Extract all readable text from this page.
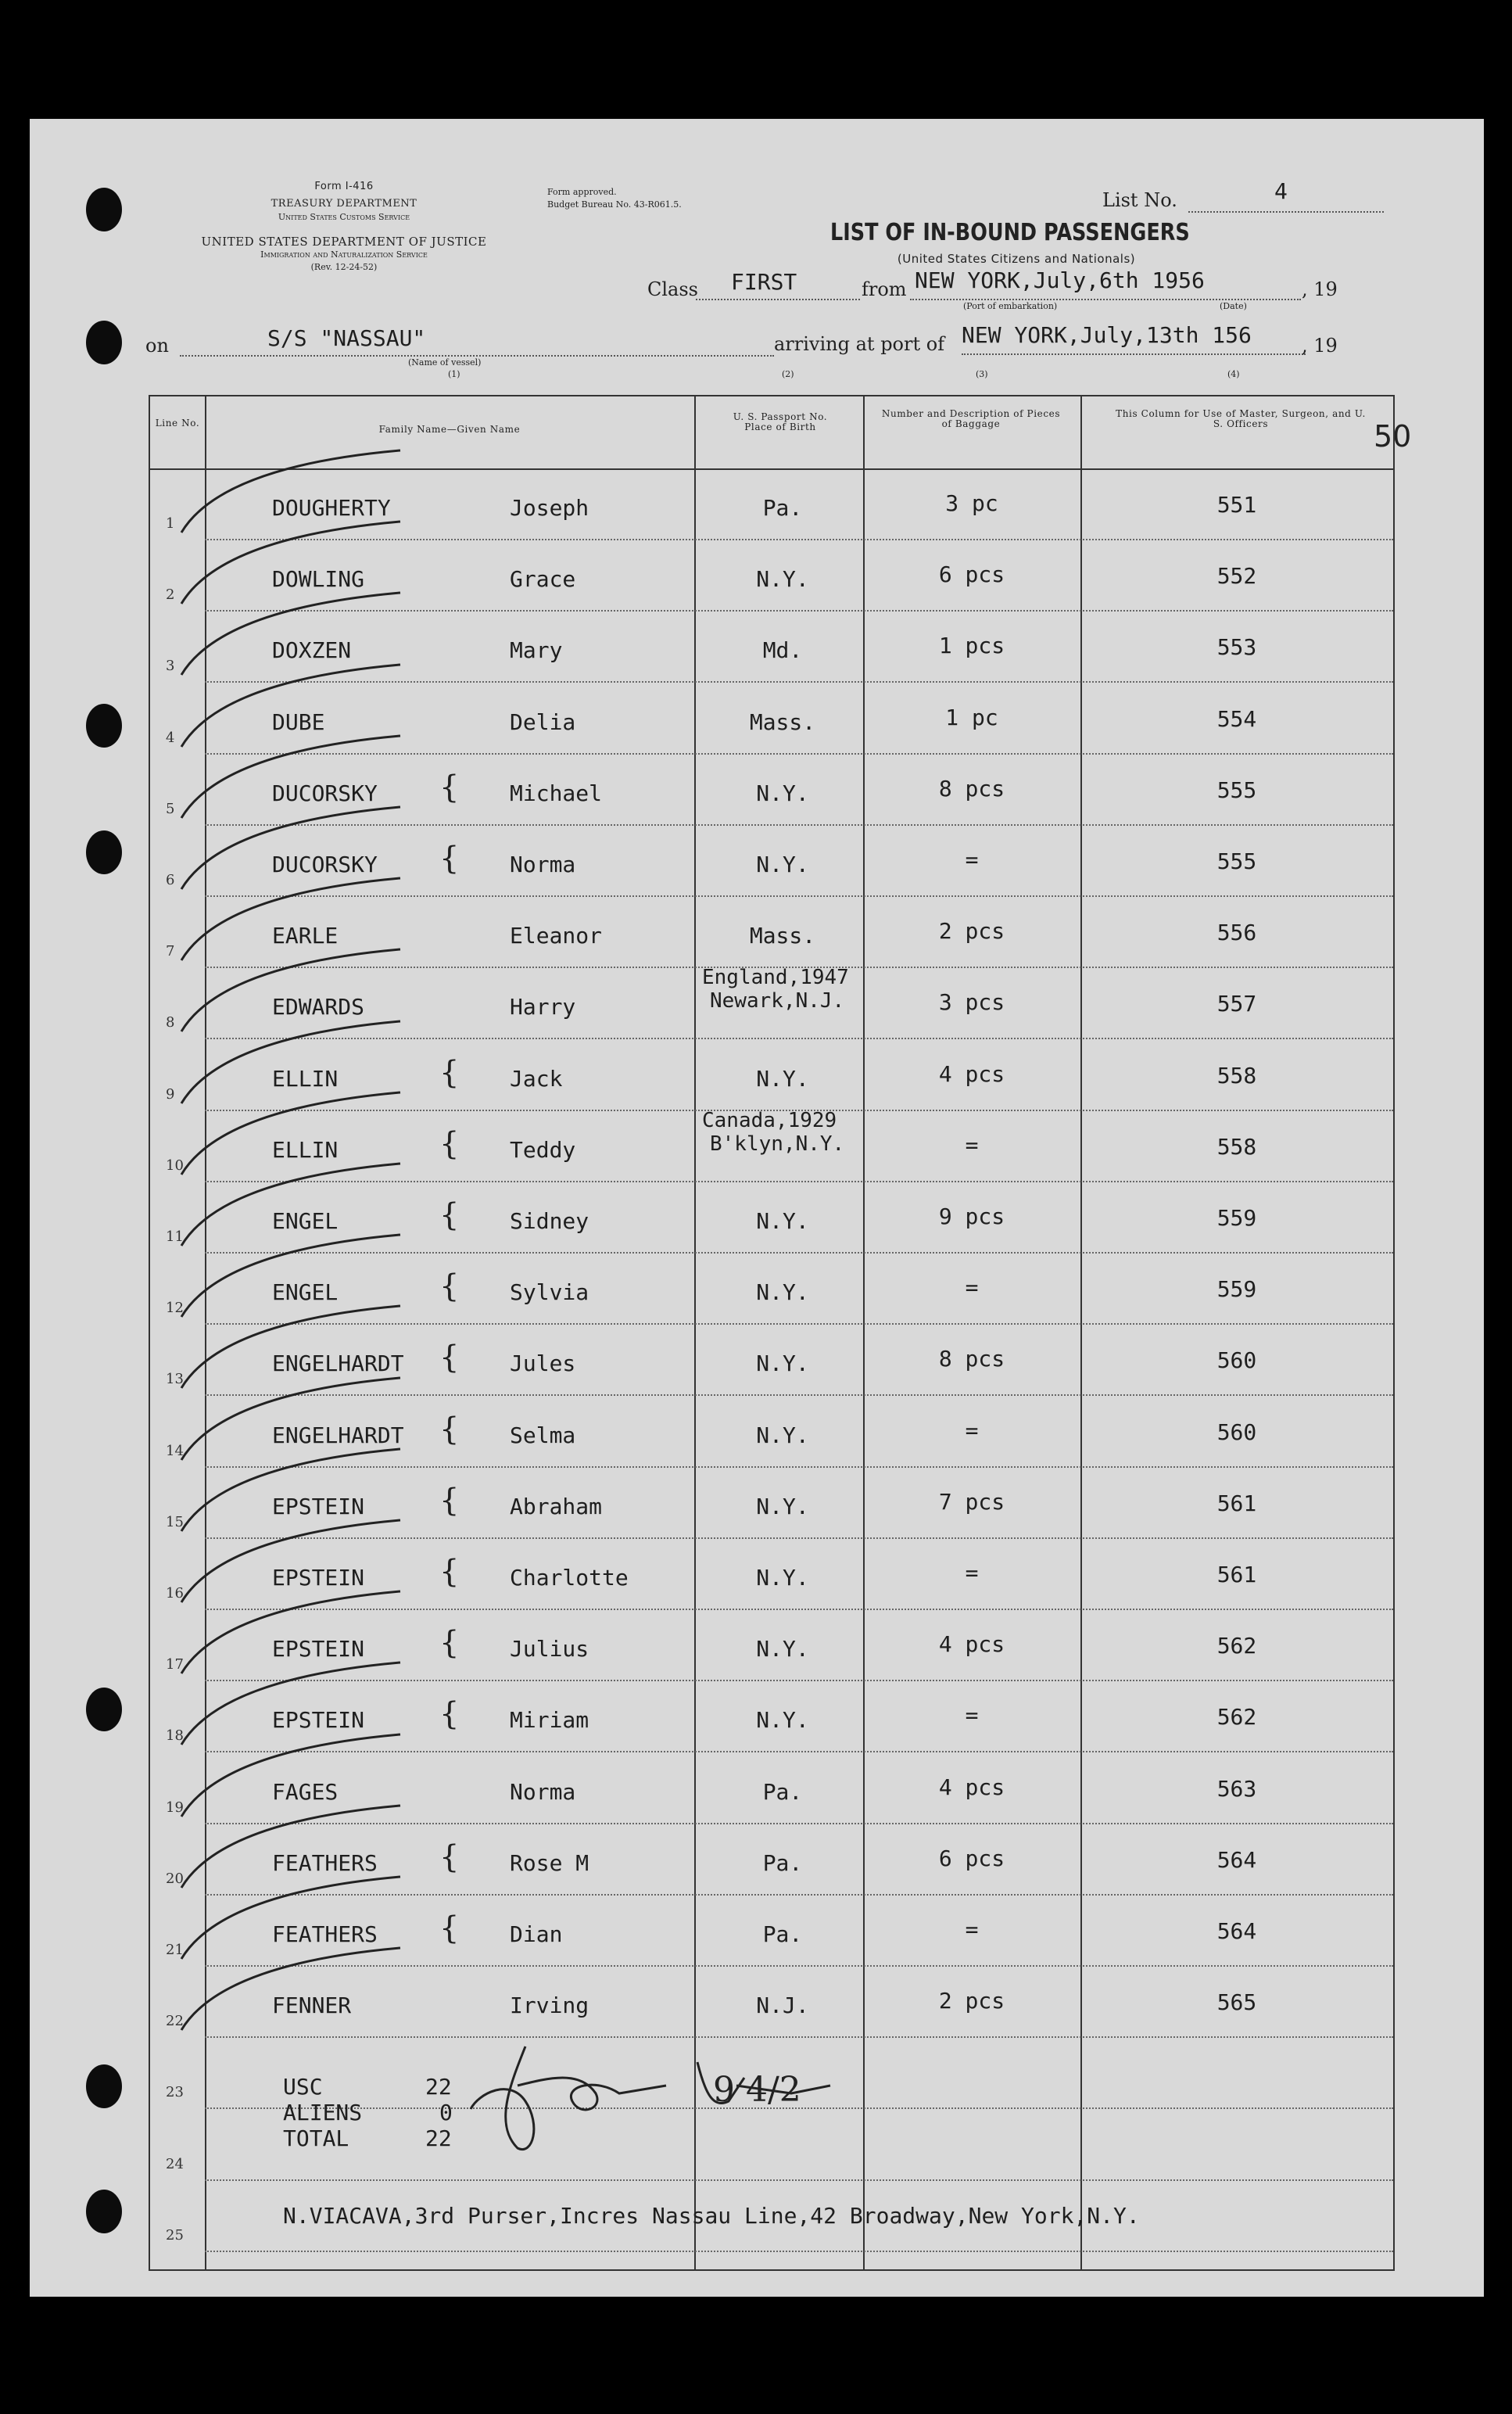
Form I-416
TREASURY DEPARTMENT
United States Customs Service
UNITED STATES DEPARTMENT OF JUSTICE
Immigration and Naturalization Service
(Rev. 12-24-52)
Form approved.
Budget Bureau No. 43-R061.5.	List No.	4
LIST OF IN-BOUND PASSENGERS
(United States Citizens and Nationals)
Class FIRST	from NEW YORK,July,6th 1956	, 19
(Port of embarkation)	(Date)
on	S/S "NASSAU"	arriving at port of NEW YORK,July,13th 156	, 19
(Name of vessel)
(1)	(2)	(3)	(4)
50
Line No.
Family Name—Given Name
U. S. Passport No. Place of Birth
Number and Description of Pieces of Baggage
This Column for Use of Master, Surgeon, and U. S. Officers
1
DOUGHERTY	Joseph	Pa.	3 pc	551
2
DOWLING	Grace	N.Y.	6 pcs	552
3
DOXZEN	Mary	Md.	1 pcs	553
4
DUBE	Delia	Mass.	1 pc	554
5
DUCORSKY { Michael	N.Y.	8 pcs	555
6
DUCORSKY { Norma	N.Y.	=	555
7
EARLE	Eleanor	Mass.	2 pcs	556
8
EDWARDS	Harry
England,1947
Newark,N.J.	3 pcs	557
9
ELLIN	{ Jack	N.Y.	4 pcs	558
10
ELLIN	{ Teddy
Canada,1929
B'klyn,N.Y.	=	558
11
ENGEL	{ Sidney	N.Y.	9 pcs	559
12
ENGEL	{ Sylvia	N.Y.	=	559
13
ENGELHARDT { Jules	N.Y.	8 pcs	560
14
ENGELHARDT { Selma	N.Y.	=	560
15
EPSTEIN { Abraham	N.Y.	7 pcs	561
16
EPSTEIN { Charlotte	N.Y.	=	561
17
EPSTEIN { Julius	N.Y.	4 pcs	562
18
EPSTEIN { Miriam	N.Y.	=	562
19
FAGES	Norma	Pa.	4 pcs	563
20
FEATHERS { Rose M	Pa.	6 pcs	564
21
FEATHERS { Dian	Pa.	=	564
22
FENNER	Irving	N.J.	2 pcs	565
23
24
25
USC	22
ALIENS	0
TOTAL	22
9 4/2
N.VIACAVA,3rd Purser,Incres Nassau Line,42 Broadway,New York,N.Y.
